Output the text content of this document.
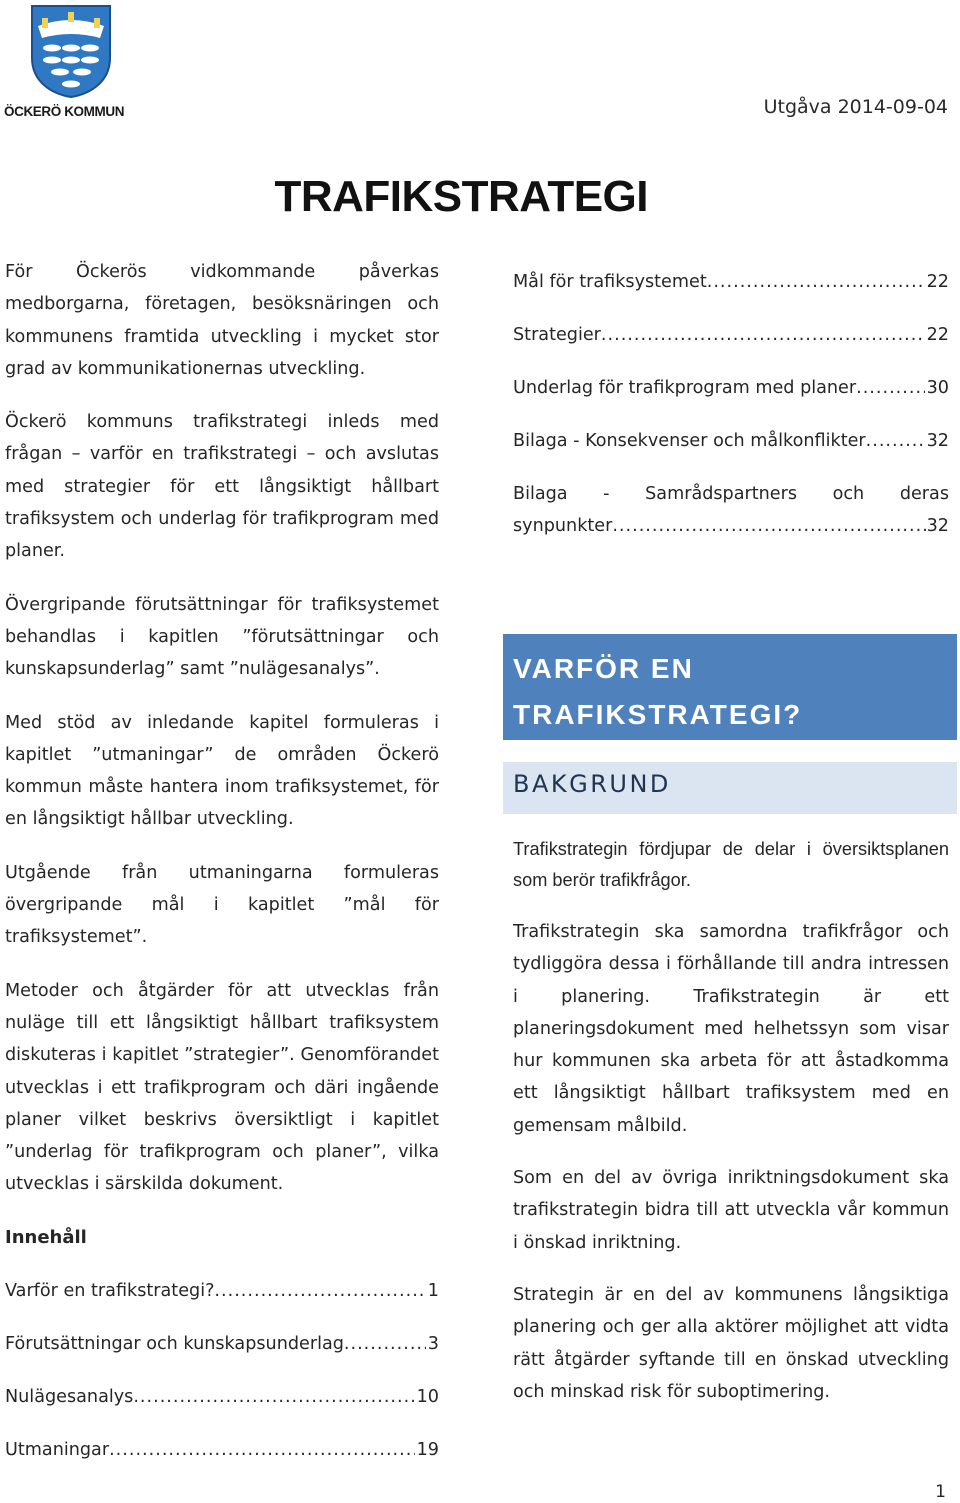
ÖCKERÖ KOMMUN	Utgåva 2014-09-04
TRAFIKSTRATEGI

För Öckerös vidkommande påverkas medborgarna, företagen, besöksnäringen och kommunens framtida utveckling i mycket stor grad av kommunikationernas utveckling.

Öckerö kommuns trafikstrategi inleds med frågan – varför en trafikstrategi – och avslutas med strategier för ett långsiktigt hållbart trafiksystem och underlag för trafikprogram med planer.

Övergripande förutsättningar för trafiksystemet behandlas i kapitlen ”förutsättningar och kunskapsunderlag” samt ”nulägesanalys”.

Med stöd av inledande kapitel formuleras i kapitlet ”utmaningar” de områden Öckerö kommun måste hantera inom trafiksystemet, för en långsiktigt hållbar utveckling.

Utgående från utmaningarna formuleras övergripande mål i kapitlet ”mål för trafiksystemet”.

Metoder och åtgärder för att utvecklas från nuläge till ett långsiktigt hållbart trafiksystem diskuteras i kapitlet ”strategier”. Genomförandet utvecklas i ett trafikprogram och däri ingående planer vilket beskrivs översiktligt i kapitlet ”underlag för trafikprogram och planer”, vilka utvecklas i särskilda dokument.

Innehåll
Varför en trafikstrategi? .....	1
Förutsättningar och kunskapsunderlag .....	3
Nulägesanalys .....	10
Utmaningar .....	19
Mål för trafiksystemet .....	22
Strategier .....	22
Underlag för trafikprogram med planer .....	30
Bilaga - Konsekvenser och målkonflikter .....	32
Bilaga - Samrådspartners och deras
synpunkter .....	32
VARFÖR EN TRAFIKSTRATEGI?
BAKGRUND

Trafikstrategin fördjupar de delar i översiktsplanen som berör trafikfrågor.

Trafikstrategin ska samordna trafikfrågor och tydliggöra dessa i förhållande till andra intressen i planering. Trafikstrategin är ett planeringsdokument med helhetssyn som visar hur kommunen ska arbeta för att åstadkomma ett långsiktigt hållbart trafiksystem med en gemensam målbild.

Som en del av övriga inriktningsdokument ska trafikstrategin bidra till att utveckla vår kommun i önskad inriktning.

Strategin är en del av kommunens långsiktiga planering och ger alla aktörer möjlighet att vidta rätt åtgärder syftande till en önskad utveckling och minskad risk för suboptimering.

1
